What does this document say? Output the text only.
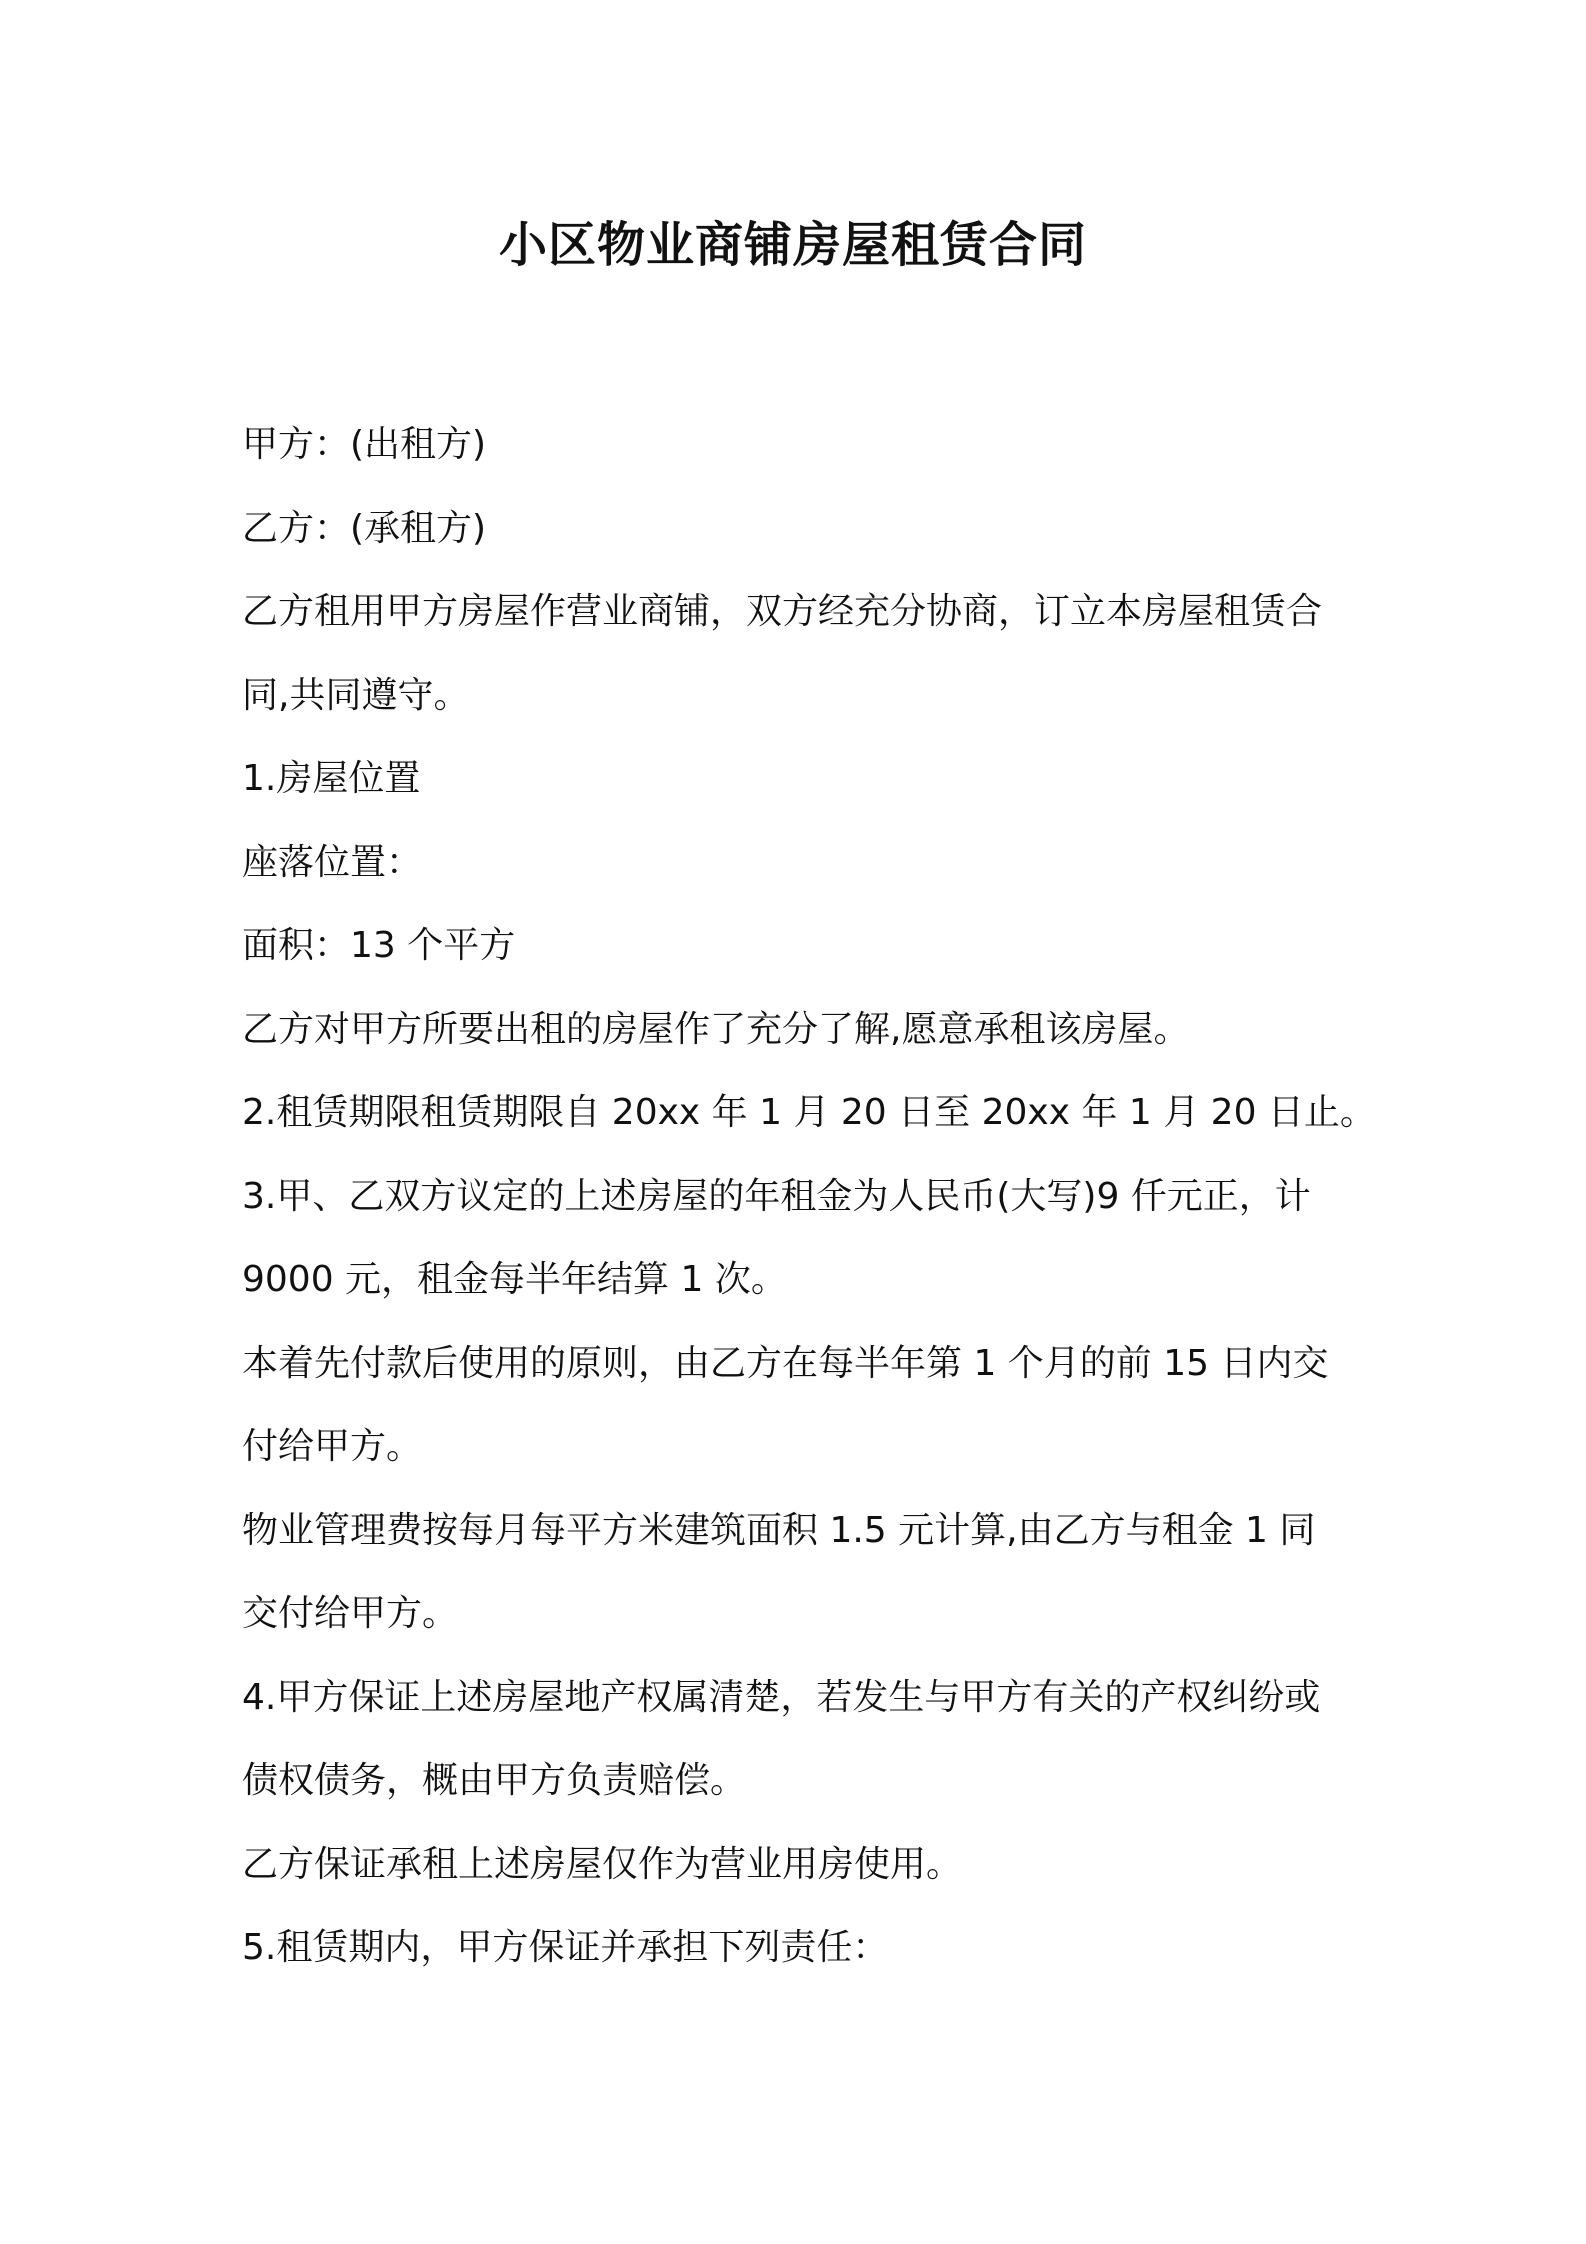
小区物业商铺房屋租赁合同

甲方：(出租方)

乙方：(承租方)

乙方租用甲方房屋作营业商铺，双方经充分协商，订立本房屋租赁合

同,共同遵守。

1.房屋位置

座落位置：

面积：13 个平方

乙方对甲方所要出租的房屋作了充分了解,愿意承租该房屋。

2.租赁期限租赁期限自 20xx 年 1 月 20 日至 20xx 年 1 月 20 日止。

3.甲、乙双方议定的上述房屋的年租金为人民币(大写)9 仟元正，计

9000 元，租金每半年结算 1 次。

本着先付款后使用的原则，由乙方在每半年第 1 个月的前 15 日内交

付给甲方。

物业管理费按每月每平方米建筑面积 1.5 元计算,由乙方与租金 1 同

交付给甲方。

4.甲方保证上述房屋地产权属清楚，若发生与甲方有关的产权纠纷或

债权债务，概由甲方负责赔偿。

乙方保证承租上述房屋仅作为营业用房使用。

5.租赁期内，甲方保证并承担下列责任：
